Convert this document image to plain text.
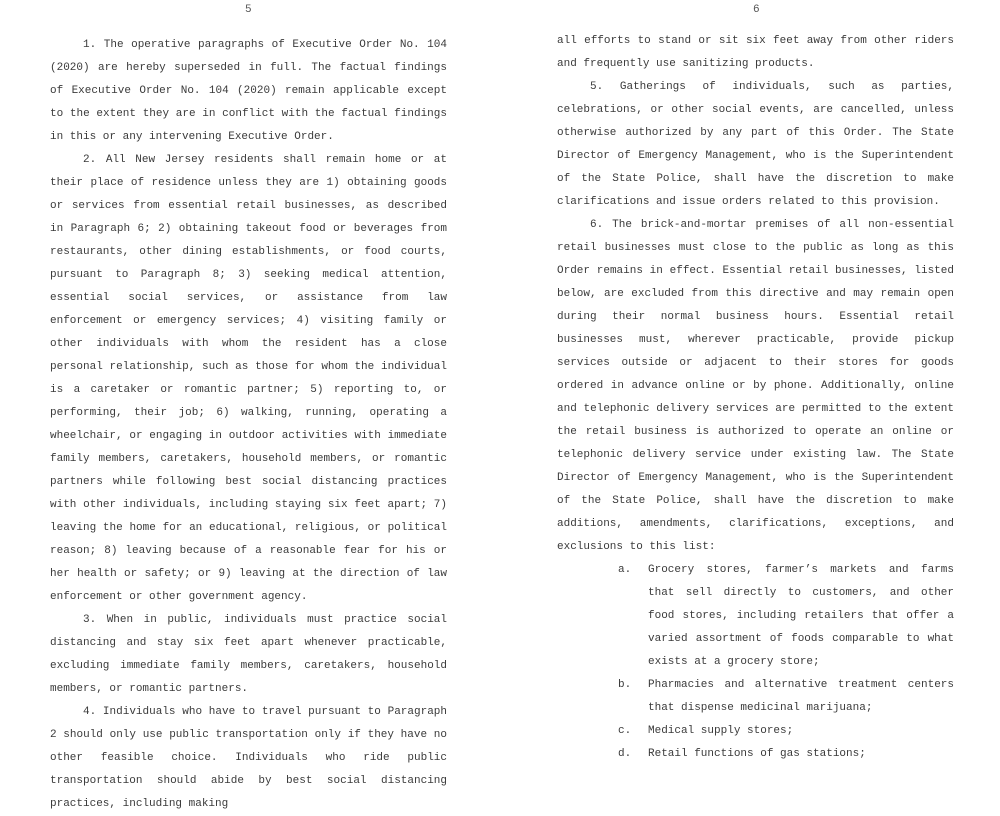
5

1. The operative paragraphs of Executive Order No. 104 (2020) are hereby superseded in full. The factual findings of Executive Order No. 104 (2020) remain applicable except to the extent they are in conflict with the factual findings in this or any intervening Executive Order.

2. All New Jersey residents shall remain home or at their place of residence unless they are 1) obtaining goods or services from essential retail businesses, as described in Paragraph 6; 2) obtaining takeout food or beverages from restaurants, other dining establishments, or food courts, pursuant to Paragraph 8; 3) seeking medical attention, essential social services, or assistance from law enforcement or emergency services; 4) visiting family or other individuals with whom the resident has a close personal relationship, such as those for whom the individual is a caretaker or romantic partner; 5) reporting to, or performing, their job; 6) walking, running, operating a wheelchair, or engaging in outdoor activities with immediate family members, caretakers, household members, or romantic partners while following best social distancing practices with other individuals, including staying six feet apart; 7) leaving the home for an educational, religious, or political reason; 8) leaving because of a reasonable fear for his or her health or safety; or 9) leaving at the direction of law enforcement or other government agency.

3. When in public, individuals must practice social distancing and stay six feet apart whenever practicable, excluding immediate family members, caretakers, household members, or romantic partners.

4. Individuals who have to travel pursuant to Paragraph 2 should only use public transportation only if they have no other feasible choice. Individuals who ride public transportation should abide by best social distancing practices, including making

6

all efforts to stand or sit six feet away from other riders and frequently use sanitizing products.

5. Gatherings of individuals, such as parties, celebrations, or other social events, are cancelled, unless otherwise authorized by any part of this Order. The State Director of Emergency Management, who is the Superintendent of the State Police, shall have the discretion to make clarifications and issue orders related to this provision.

6. The brick-and-mortar premises of all non-essential retail businesses must close to the public as long as this Order remains in effect. Essential retail businesses, listed below, are excluded from this directive and may remain open during their normal business hours. Essential retail businesses must, wherever practicable, provide pickup services outside or adjacent to their stores for goods ordered in advance online or by phone. Additionally, online and telephonic delivery services are permitted to the extent the retail business is authorized to operate an online or telephonic delivery service under existing law. The State Director of Emergency Management, who is the Superintendent of the State Police, shall have the discretion to make additions, amendments, clarifications, exceptions, and exclusions to this list:

a. Grocery stores, farmer’s markets and farms that sell directly to customers, and other food stores, including retailers that offer a varied assortment of foods comparable to what exists at a grocery store;
b. Pharmacies and alternative treatment centers that dispense medicinal marijuana;
c. Medical supply stores;
d. Retail functions of gas stations;
